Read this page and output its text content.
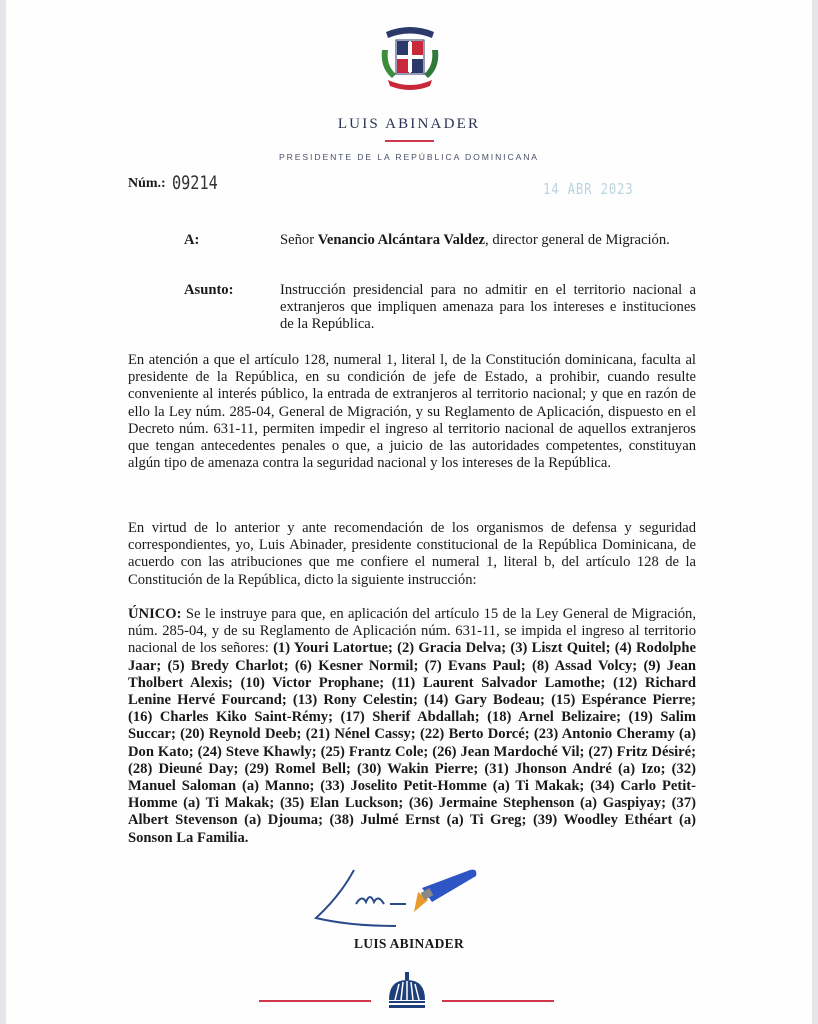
LUIS ABINADER
PRESIDENTE DE LA REPÚBLICA DOMINICANA
Núm.: 09214	14 ABR 2023
A:	Señor Venancio Alcántara Valdez, director general de Migración.
Asunto:	Instrucción presidencial para no admitir en el territorio nacional a extranjeros que impliquen amenaza para los intereses e instituciones de la República.
En atención a que el artículo 128, numeral 1, literal l, de la Constitución dominicana, faculta al presidente de la República, en su condición de jefe de Estado, a prohibir, cuando resulte conveniente al interés público, la entrada de extranjeros al territorio nacional; y que en razón de ello la Ley núm. 285-04, General de Migración, y su Reglamento de Aplicación, dispuesto en el Decreto núm. 631-11, permiten impedir el ingreso al territorio nacional de aquellos extranjeros que tengan antecedentes penales o que, a juicio de las autoridades competentes, constituyan algún tipo de amenaza contra la seguridad nacional y los intereses de la República.
En virtud de lo anterior y ante recomendación de los organismos de defensa y seguridad correspondientes, yo, Luis Abinader, presidente constitucional de la República Dominicana, de acuerdo con las atribuciones que me confiere el numeral 1, literal b, del artículo 128 de la Constitución de la República, dicto la siguiente instrucción:
ÚNICO: Se le instruye para que, en aplicación del artículo 15 de la Ley General de Migración, núm. 285-04, y de su Reglamento de Aplicación núm. 631-11, se impida el ingreso al territorio nacional de los señores: (1) Youri Latortue; (2) Gracia Delva; (3) Liszt Quitel; (4) Rodolphe Jaar; (5) Bredy Charlot; (6) Kesner Normil; (7) Evans Paul; (8) Assad Volcy; (9) Jean Tholbert Alexis; (10) Victor Prophane; (11) Laurent Salvador Lamothe; (12) Richard Lenine Hervé Fourcand; (13) Rony Celestin; (14) Gary Bodeau; (15) Espérance Pierre; (16) Charles Kiko Saint-Rémy; (17) Sherif Abdallah; (18) Arnel Belizaire; (19) Salim Succar; (20) Reynold Deeb; (21) Nénel Cassy; (22) Berto Dorcé; (23) Antonio Cheramy (a) Don Kato; (24) Steve Khawly; (25) Frantz Cole; (26) Jean Mardoché Vil; (27) Fritz Désiré; (28) Dieuné Day; (29) Romel Bell; (30) Wakin Pierre; (31) Jhonson André (a) Izo; (32) Manuel Saloman (a) Manno; (33) Joselito Petit-Homme (a) Ti Makak; (34) Carlo Petit-Homme (a) Ti Makak; (35) Elan Luckson; (36) Jermaine Stephenson (a) Gaspiyay; (37) Albert Stevenson (a) Djouma; (38) Julmé Ernst (a) Ti Greg; (39) Woodley Ethéart (a) Sonson La Familia.
LUIS ABINADER
